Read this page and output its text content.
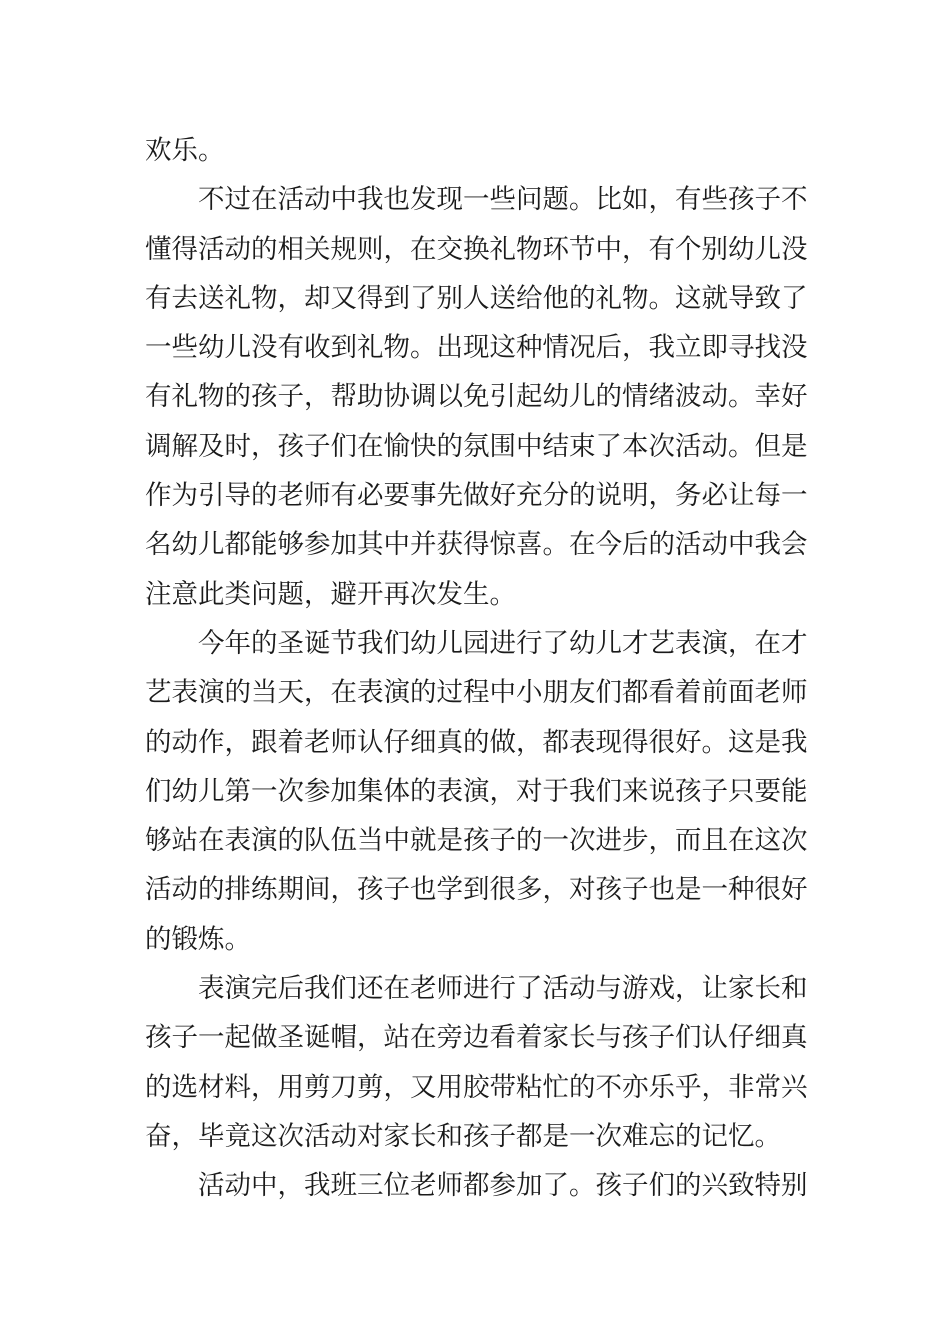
欢乐。
不过在活动中我也发现一些问题。比如，有些孩子不
懂得活动的相关规则，在交换礼物环节中，有个别幼儿没
有去送礼物，却又得到了别人送给他的礼物。这就导致了
一些幼儿没有收到礼物。出现这种情况后，我立即寻找没
有礼物的孩子，帮助协调以免引起幼儿的情绪波动。幸好
调解及时，孩子们在愉快的氛围中结束了本次活动。但是
作为引导的老师有必要事先做好充分的说明，务必让每一
名幼儿都能够参加其中并获得惊喜。在今后的活动中我会
注意此类问题，避开再次发生。
今年的圣诞节我们幼儿园进行了幼儿才艺表演，在才
艺表演的当天，在表演的过程中小朋友们都看着前面老师
的动作，跟着老师认仔细真的做，都表现得很好。这是我
们幼儿第一次参加集体的表演，对于我们来说孩子只要能
够站在表演的队伍当中就是孩子的一次进步，而且在这次
活动的排练期间，孩子也学到很多，对孩子也是一种很好
的锻炼。
表演完后我们还在老师进行了活动与游戏，让家长和
孩子一起做圣诞帽，站在旁边看着家长与孩子们认仔细真
的选材料，用剪刀剪，又用胶带粘忙的不亦乐乎，非常兴
奋，毕竟这次活动对家长和孩子都是一次难忘的记忆。
活动中，我班三位老师都参加了。孩子们的兴致特别
